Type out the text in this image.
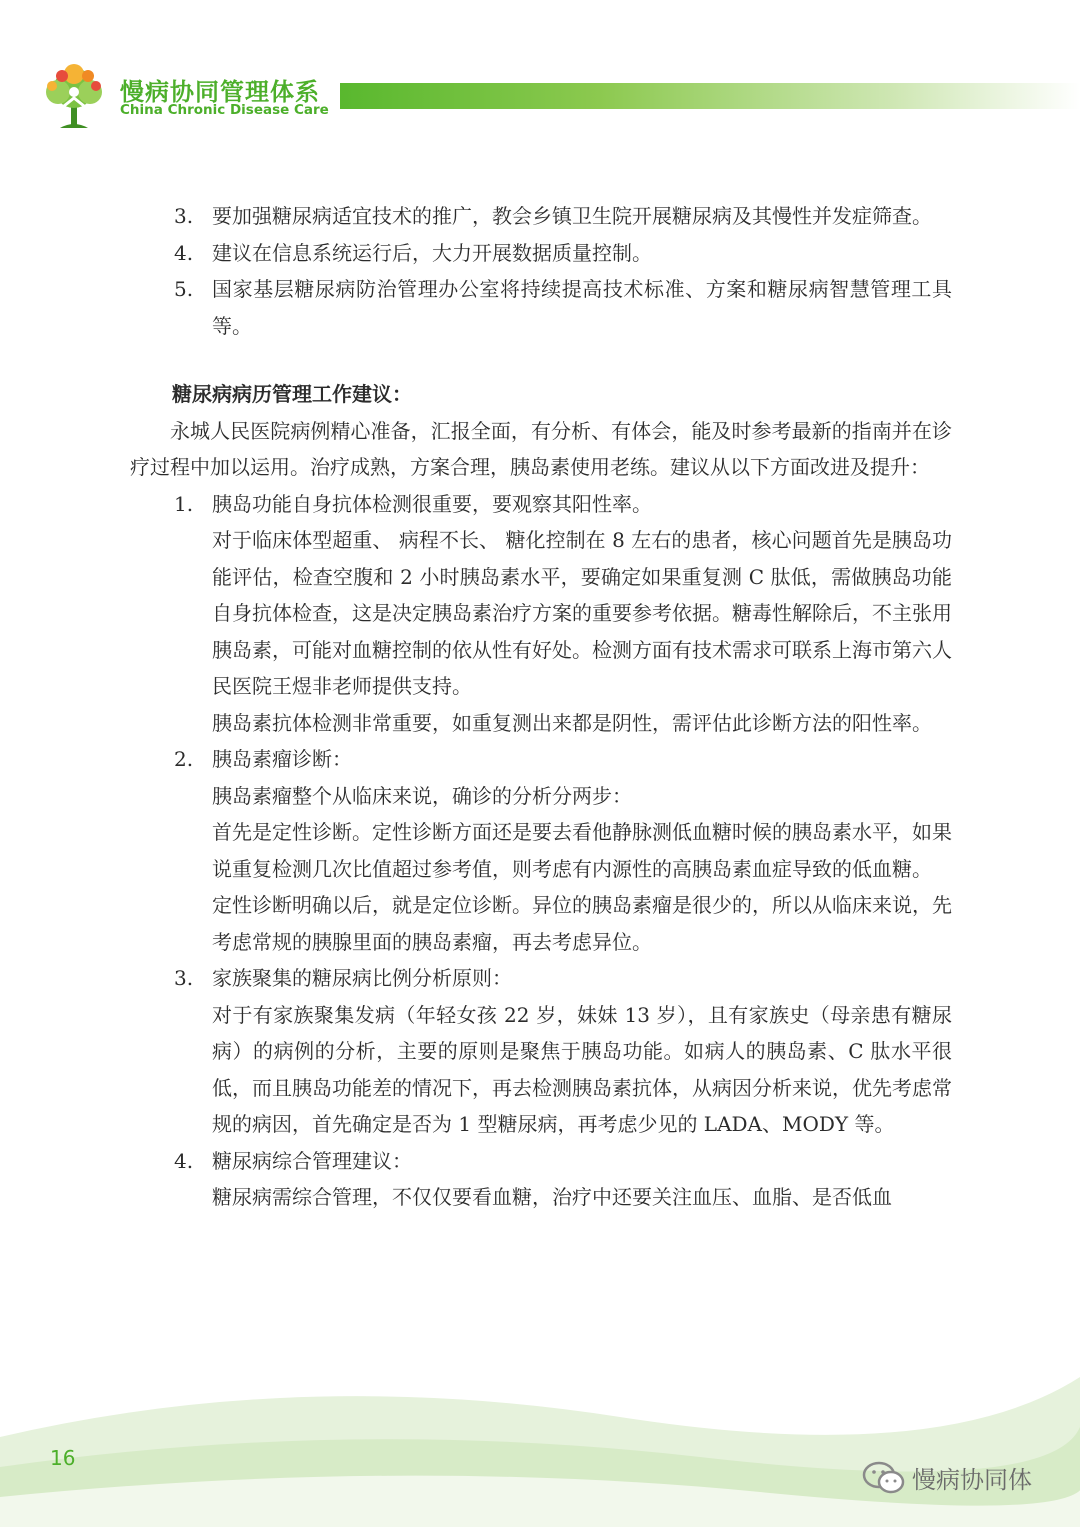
慢病协同管理体系
China Chronic Disease Care
3. 要加强糖尿病适宜技术的推广，教会乡镇卫生院开展糖尿病及其慢性并发症筛查。
4. 建议在信息系统运行后，大力开展数据质量控制。
5. 国家基层糖尿病防治管理办公室将持续提高技术标准、方案和糖尿病智慧管理工具等。
糖尿病病历管理工作建议：

永城人民医院病例精心准备，汇报全面，有分析、有体会，能及时参考最新的指南并在诊疗过程中加以运用。治疗成熟，方案合理，胰岛素使用老练。建议从以下方面改进及提升：

1. 胰岛功能自身抗体检测很重要，要观察其阳性率。
对于临床体型超重、 病程不长、 糖化控制在 8 左右的患者，核心问题首先是胰岛功能评估，检查空腹和 2 小时胰岛素水平，要确定如果重复测 C 肽低，需做胰岛功能自身抗体检查，这是决定胰岛素治疗方案的重要参考依据。糖毒性解除后，不主张用胰岛素，可能对血糖控制的依从性有好处。检测方面有技术需求可联系上海市第六人民医院王煜非老师提供支持。
胰岛素抗体检测非常重要，如重复测出来都是阴性，需评估此诊断方法的阳性率。
2. 胰岛素瘤诊断：
胰岛素瘤整个从临床来说，确诊的分析分两步：
首先是定性诊断。定性诊断方面还是要去看他静脉测低血糖时候的胰岛素水平，如果说重复检测几次比值超过参考值，则考虑有内源性的高胰岛素血症导致的低血糖。
定性诊断明确以后，就是定位诊断。异位的胰岛素瘤是很少的，所以从临床来说，先考虑常规的胰腺里面的胰岛素瘤，再去考虑异位。
3. 家族聚集的糖尿病比例分析原则：
对于有家族聚集发病（年轻女孩 22 岁，妹妹 13 岁），且有家族史（母亲患有糖尿病）的病例的分析，主要的原则是聚焦于胰岛功能。如病人的胰岛素、C 肽水平很低，而且胰岛功能差的情况下，再去检测胰岛素抗体，从病因分析来说，优先考虑常规的病因，首先确定是否为 1 型糖尿病，再考虑少见的 LADA、MODY 等。
4. 糖尿病综合管理建议：
糖尿病需综合管理，不仅仅要看血糖，治疗中还要关注血压、血脂、是否低血
16
慢病协同体
